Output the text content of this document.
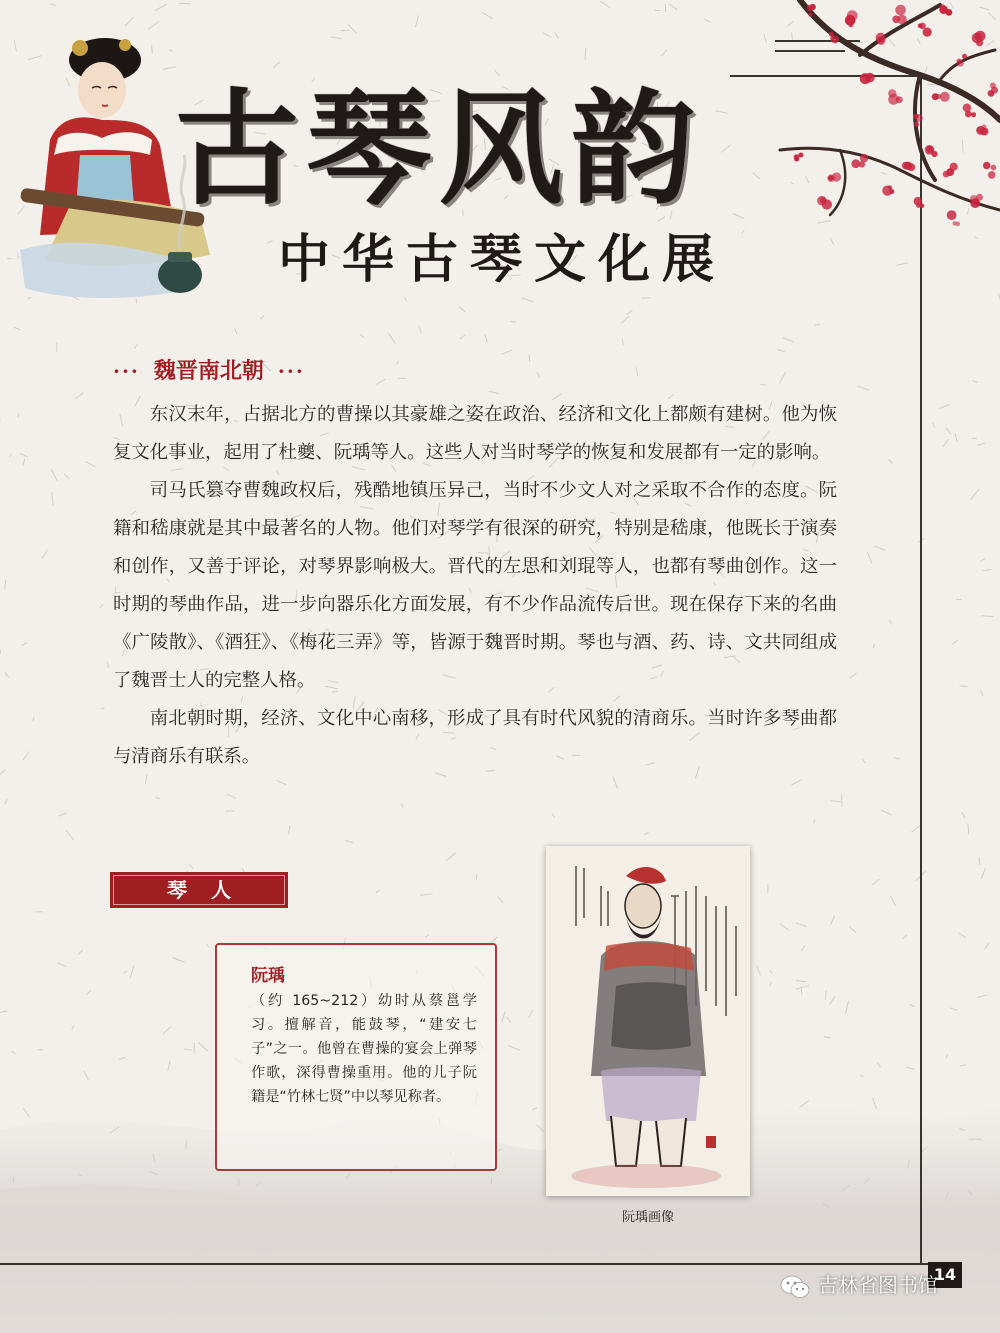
古琴风韵
中华古琴文化展
··· 魏晋南北朝 ···

东汉末年，占据北方的曹操以其豪雄之姿在政治、经济和文化上都颇有建树。他为恢复文化事业，起用了杜夔、阮瑀等人。这些人对当时琴学的恢复和发展都有一定的影响。

司马氏篡夺曹魏政权后，残酷地镇压异己，当时不少文人对之采取不合作的态度。阮籍和嵇康就是其中最著名的人物。他们对琴学有很深的研究，特别是嵇康，他既长于演奏和创作，又善于评论，对琴界影响极大。晋代的左思和刘琨等人，也都有琴曲创作。这一时期的琴曲作品，进一步向器乐化方面发展，有不少作品流传后世。现在保存下来的名曲《广陵散》、《酒狂》、《梅花三弄》等，皆源于魏晋时期。琴也与酒、药、诗、文共同组成了魏晋士人的完整人格。

南北朝时期，经济、文化中心南移，形成了具有时代风貌的清商乐。当时许多琴曲都与清商乐有联系。

琴人
阮瑀
（约 165~212）幼时从蔡邕学习。擅解音，能鼓琴，“建安七子”之一。他曾在曹操的宴会上弹琴作歌，深得曹操重用。他的儿子阮籍是“竹林七贤”中以琴见称者。
阮瑀画像
14
吉林省图书馆
